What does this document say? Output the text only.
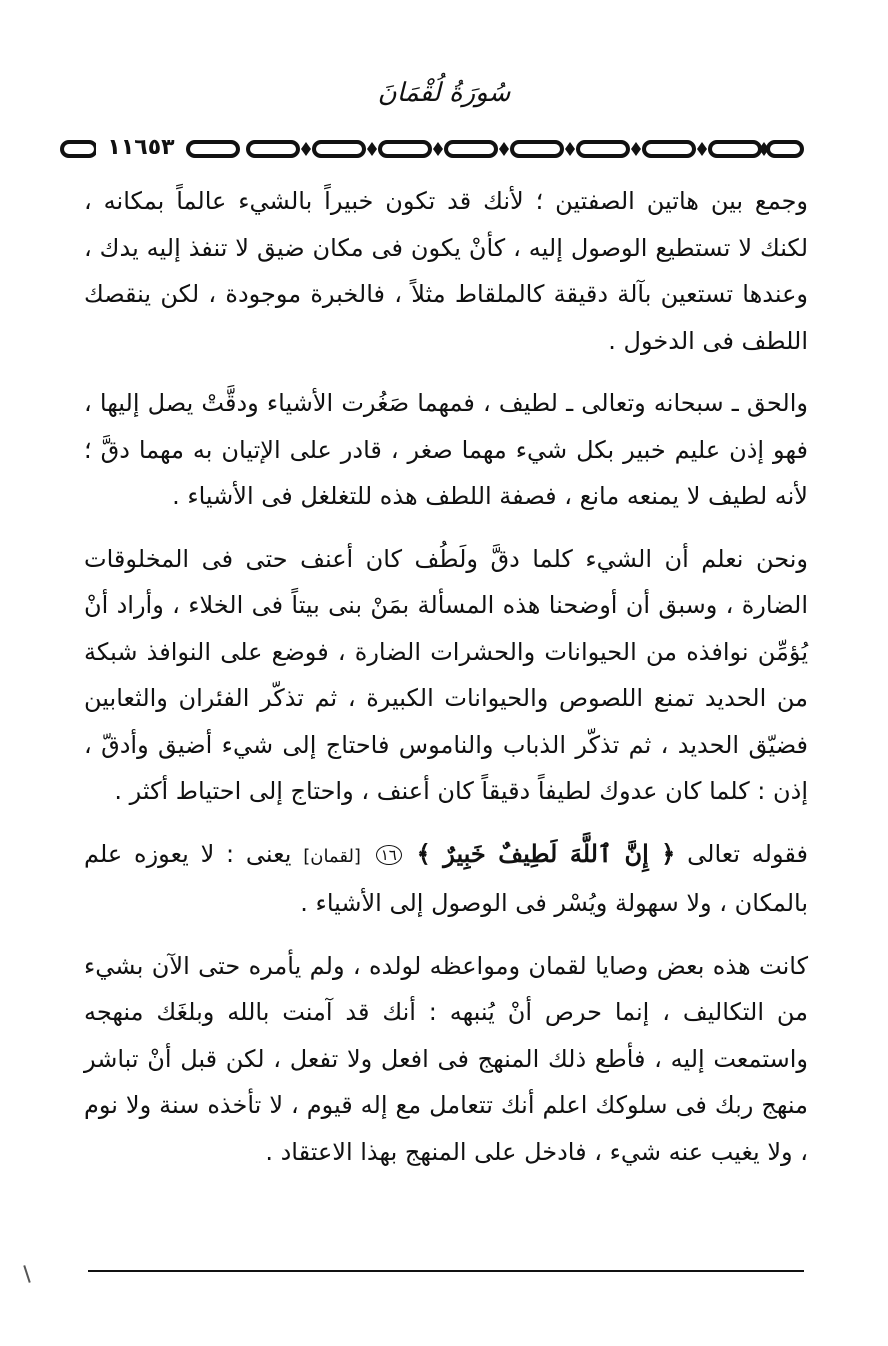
سُورَةُ لُقْمَانَ
١١٦٥٣

وجمع بين هاتين الصفتين ؛ لأنك قد تكون خبيراً بالشيء عالماً بمكانه ، لكنك لا تستطيع الوصول إليه ، كأنْ يكون فى مكان ضيق لا تنفذ إليه يدك ، وعندها تستعين بآلة دقيقة كالملقاط مثلاً ، فالخبرة موجودة ، لكن ينقصك اللطف فى الدخول .

والحق ـ سبحانه وتعالى ـ لطيف ، فمهما صَغُرت الأشياء ودقَّتْ يصل إليها ، فهو إذن عليم خبير بكل شيء مهما صغر ، قادر على الإتيان به مهما دقَّ ؛ لأنه لطيف لا يمنعه مانع ، فصفة اللطف هذه للتغلغل فى الأشياء .

ونحن نعلم أن الشيء كلما دقَّ ولَطُف كان أعنف حتى فى المخلوقات الضارة ، وسبق أن أوضحنا هذه المسألة بمَنْ بنى بيتاً فى الخلاء ، وأراد أنْ يُؤمِّن نوافذه من الحيوانات والحشرات الضارة ، فوضع على النوافذ شبكة من الحديد تمنع اللصوص والحيوانات الكبيرة ، ثم تذكّر الفئران والثعابين فضيّق الحديد ، ثم تذكّر الذباب والناموس فاحتاج إلى شيء أضيق وأدقّ ، إذن : كلما كان عدوك لطيفاً دقيقاً كان أعنف ، واحتاج إلى احتياط أكثر .

فقوله تعالى ﴿ إِنَّ ٱللَّهَ لَطِيفٌ خَبِيرٌ ﴾ ١٦ [لقمان] يعنى : لا يعوزه علم بالمكان ، ولا سهولة ويُسْر فى الوصول إلى الأشياء .

كانت هذه بعض وصايا لقمان ومواعظه لولده ، ولم يأمره حتى الآن بشيء من التكاليف ، إنما حرص أنْ يُنبهه : أنك قد آمنت بالله وبلغَك منهجه واستمعت إليه ، فأطع ذلك المنهج فى افعل ولا تفعل ، لكن قبل أنْ تباشر منهج ربك فى سلوكك اعلم أنك تتعامل مع إله قيوم ، لا تأخذه سنة ولا نوم ، ولا يغيب عنه شيء ، فادخل على المنهج بهذا الاعتقاد .
